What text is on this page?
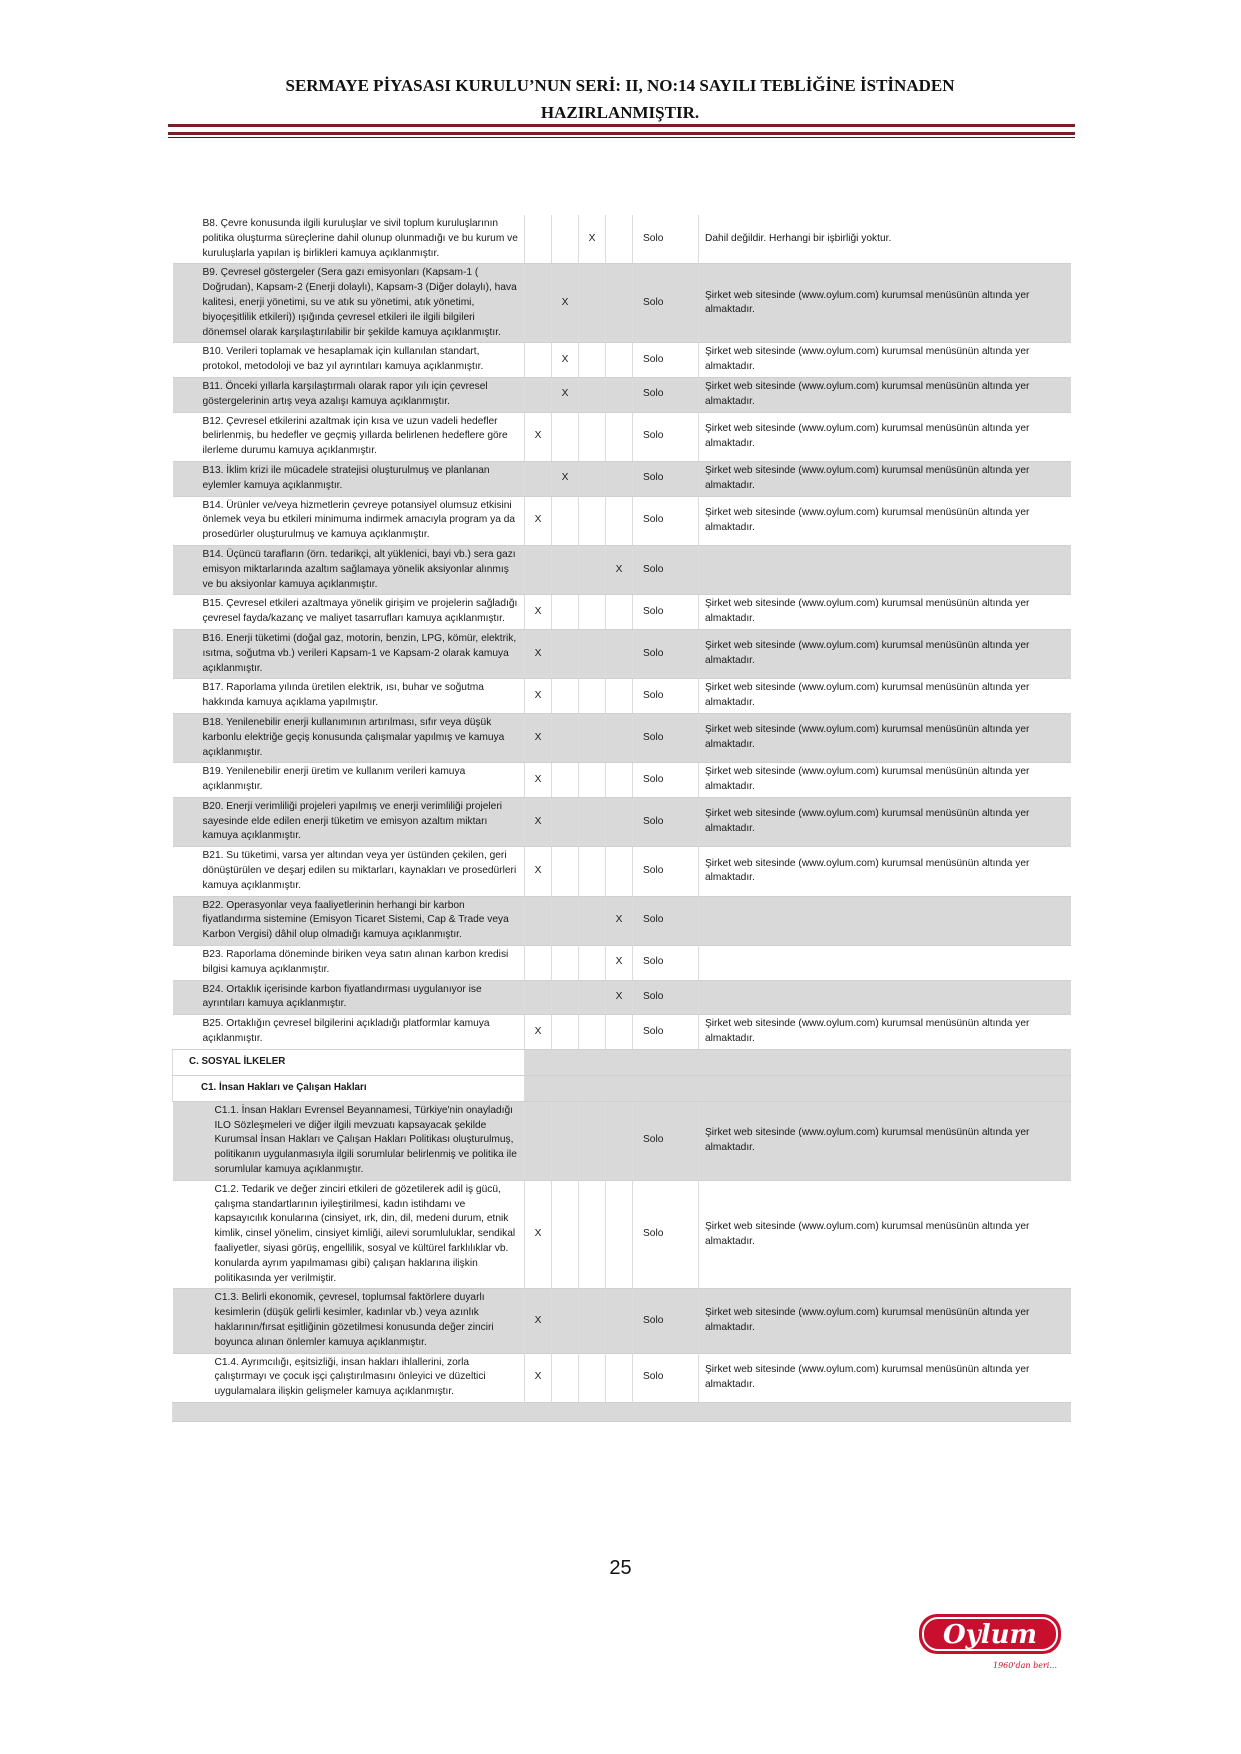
SERMAYE PİYASASI KURULU’NUN SERİ: II, NO:14 SAYILI TEBLİĞİNE İSTİNADEN
HAZIRLANMIŞTIR.
B8. Çevre konusunda ilgili kuruluşlar ve sivil toplum kuruluşlarının politika oluşturma süreçlerine dahil olunup olunmadığı ve bu kurum ve kuruluşlarla yapılan iş birlikleri kamuya açıklanmıştır.			X		Solo	Dahil değildir. Herhangi bir işbirliği yoktur.
B9. Çevresel göstergeler (Sera gazı emisyonları (Kapsam-1 ( Doğrudan), Kapsam-2 (Enerji dolaylı), Kapsam-3 (Diğer dolaylı), hava kalitesi, enerji yönetimi, su ve atık su yönetimi, atık yönetimi, biyoçeşitlilik etkileri)) ışığında çevresel etkileri ile ilgili bilgileri dönemsel olarak karşılaştırılabilir bir şekilde kamuya açıklanmıştır.		X			Solo	Şirket web sitesinde (www.oylum.com) kurumsal menüsünün altında yer almaktadır.
B10. Verileri toplamak ve hesaplamak için kullanılan standart, protokol, metodoloji ve baz yıl ayrıntıları kamuya açıklanmıştır.		X			Solo	Şirket web sitesinde (www.oylum.com) kurumsal menüsünün altında yer almaktadır.
B11. Önceki yıllarla karşılaştırmalı olarak rapor yılı için çevresel göstergelerinin artış veya azalışı kamuya açıklanmıştır.		X			Solo	Şirket web sitesinde (www.oylum.com) kurumsal menüsünün altında yer almaktadır.
B12. Çevresel etkilerini azaltmak için kısa ve uzun vadeli hedefler belirlenmiş, bu hedefler ve geçmiş yıllarda belirlenen hedeflere göre ilerleme durumu kamuya açıklanmıştır.	X				Solo	Şirket web sitesinde (www.oylum.com) kurumsal menüsünün altında yer almaktadır.
B13. İklim krizi ile mücadele stratejisi oluşturulmuş ve planlanan eylemler kamuya açıklanmıştır.		X			Solo	Şirket web sitesinde (www.oylum.com) kurumsal menüsünün altında yer almaktadır.
B14. Ürünler ve/veya hizmetlerin çevreye potansiyel olumsuz etkisini önlemek veya bu etkileri minimuma indirmek amacıyla program ya da prosedürler oluşturulmuş ve kamuya açıklanmıştır.	X				Solo	Şirket web sitesinde (www.oylum.com) kurumsal menüsünün altında yer almaktadır.
B14. Üçüncü tarafların (örn. tedarikçi, alt yüklenici, bayi vb.) sera gazı emisyon miktarlarında azaltım sağlamaya yönelik aksiyonlar alınmış ve bu aksiyonlar kamuya açıklanmıştır.				X	Solo	
B15. Çevresel etkileri azaltmaya yönelik girişim ve projelerin sağladığı çevresel fayda/kazanç ve maliyet tasarrufları kamuya açıklanmıştır.	X				Solo	Şirket web sitesinde (www.oylum.com) kurumsal menüsünün altında yer almaktadır.
B16. Enerji tüketimi (doğal gaz, motorin, benzin, LPG, kömür, elektrik, ısıtma, soğutma vb.) verileri Kapsam-1 ve Kapsam-2 olarak kamuya açıklanmıştır.	X				Solo	Şirket web sitesinde (www.oylum.com) kurumsal menüsünün altında yer almaktadır.
B17. Raporlama yılında üretilen elektrik, ısı, buhar ve soğutma hakkında kamuya açıklama yapılmıştır.	X				Solo	Şirket web sitesinde (www.oylum.com) kurumsal menüsünün altında yer almaktadır.
B18. Yenilenebilir enerji kullanımının artırılması, sıfır veya düşük karbonlu elektriğe geçiş konusunda çalışmalar yapılmış ve kamuya açıklanmıştır.	X				Solo	Şirket web sitesinde (www.oylum.com) kurumsal menüsünün altında yer almaktadır.
B19. Yenilenebilir enerji üretim ve kullanım verileri kamuya açıklanmıştır.	X				Solo	Şirket web sitesinde (www.oylum.com) kurumsal menüsünün altında yer almaktadır.
B20. Enerji verimliliği projeleri yapılmış ve enerji verimliliği projeleri sayesinde elde edilen enerji tüketim ve emisyon azaltım miktarı kamuya açıklanmıştır.	X				Solo	Şirket web sitesinde (www.oylum.com) kurumsal menüsünün altında yer almaktadır.
B21. Su tüketimi, varsa yer altından veya yer üstünden çekilen, geri dönüştürülen ve deşarj edilen su miktarları, kaynakları ve prosedürleri kamuya açıklanmıştır.	X				Solo	Şirket web sitesinde (www.oylum.com) kurumsal menüsünün altında yer almaktadır.
B22. Operasyonlar veya faaliyetlerinin herhangi bir karbon fiyatlandırma sistemine (Emisyon Ticaret Sistemi, Cap & Trade veya Karbon Vergisi) dâhil olup olmadığı kamuya açıklanmıştır.				X	Solo	
B23. Raporlama döneminde biriken veya satın alınan karbon kredisi bilgisi kamuya açıklanmıştır.				X	Solo	
B24. Ortaklık içerisinde karbon fiyatlandırması uygulanıyor ise ayrıntıları kamuya açıklanmıştır.				X	Solo	
B25. Ortaklığın çevresel bilgilerini açıkladığı platformlar kamuya açıklanmıştır.	X				Solo	Şirket web sitesinde (www.oylum.com) kurumsal menüsünün altında yer almaktadır.
C. SOSYAL İLKELER						
C1. İnsan Hakları ve Çalışan Hakları						
C1.1. İnsan Hakları Evrensel Beyannamesi, Türkiye'nin onayladığı ILO Sözleşmeleri ve diğer ilgili mevzuatı kapsayacak şekilde Kurumsal İnsan Hakları ve Çalışan Hakları Politikası oluşturulmuş, politikanın uygulanmasıyla ilgili sorumlular belirlenmiş ve politika ile sorumlular kamuya açıklanmıştır.					Solo	Şirket web sitesinde (www.oylum.com) kurumsal menüsünün altında yer almaktadır.
C1.2. Tedarik ve değer zinciri etkileri de gözetilerek adil iş gücü, çalışma standartlarının iyileştirilmesi, kadın istihdamı ve kapsayıcılık konularına (cinsiyet, ırk, din, dil, medeni durum, etnik kimlik, cinsel yönelim, cinsiyet kimliği, ailevi sorumluluklar, sendikal faaliyetler, siyasi görüş, engellilik, sosyal ve kültürel farklılıklar vb. konularda ayrım yapılmaması gibi) çalışan haklarına ilişkin politikasında yer verilmiştir.	X				Solo	Şirket web sitesinde (www.oylum.com) kurumsal menüsünün altında yer almaktadır.
C1.3. Belirli ekonomik, çevresel, toplumsal faktörlere duyarlı kesimlerin (düşük gelirli kesimler, kadınlar vb.) veya azınlık haklarının/fırsat eşitliğinin gözetilmesi konusunda değer zinciri boyunca alınan önlemler kamuya açıklanmıştır.	X				Solo	Şirket web sitesinde (www.oylum.com) kurumsal menüsünün altında yer almaktadır.
C1.4. Ayrımcılığı, eşitsizliği, insan hakları ihlallerini, zorla çalıştırmayı ve çocuk işçi çalıştırılmasını önleyici ve düzeltici uygulamalara ilişkin gelişmeler kamuya açıklanmıştır.	X				Solo	Şirket web sitesinde (www.oylum.com) kurumsal menüsünün altında yer almaktadır.

25
Oylum
1960'dan beri...
